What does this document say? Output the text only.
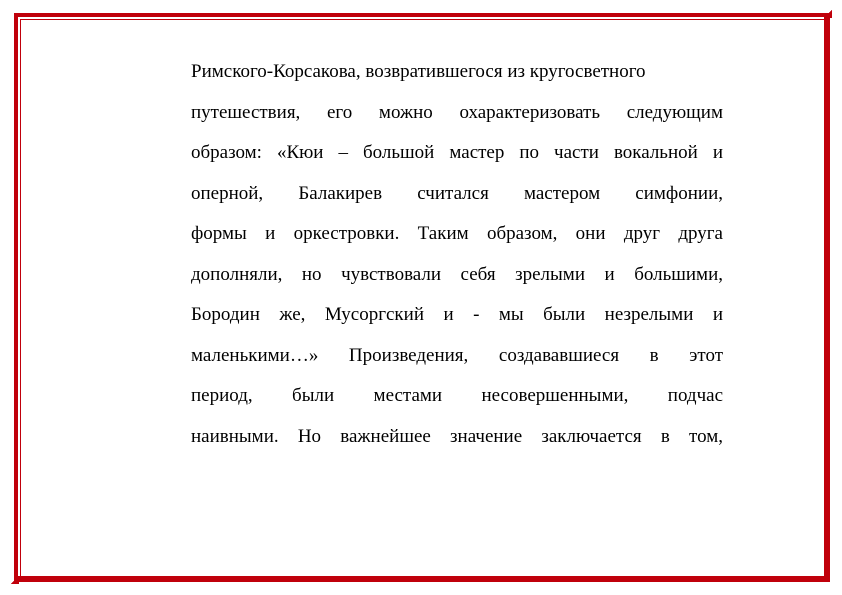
Римского-Корсакова, возвратившегося из кругосветного
путешествия, его можно охарактеризовать следующим
образом: «Кюи – большой мастер по части вокальной и
оперной, Балакирев считался мастером симфонии,
формы и оркестровки. Таким образом, они друг друга
дополняли, но чувствовали себя зрелыми и большими,
Бородин же, Мусоргский и - мы были незрелыми и
маленькими…» Произведения, создававшиеся в этот
период, были местами несовершенными, подчас
наивными. Но важнейшее значение заключается в том,
